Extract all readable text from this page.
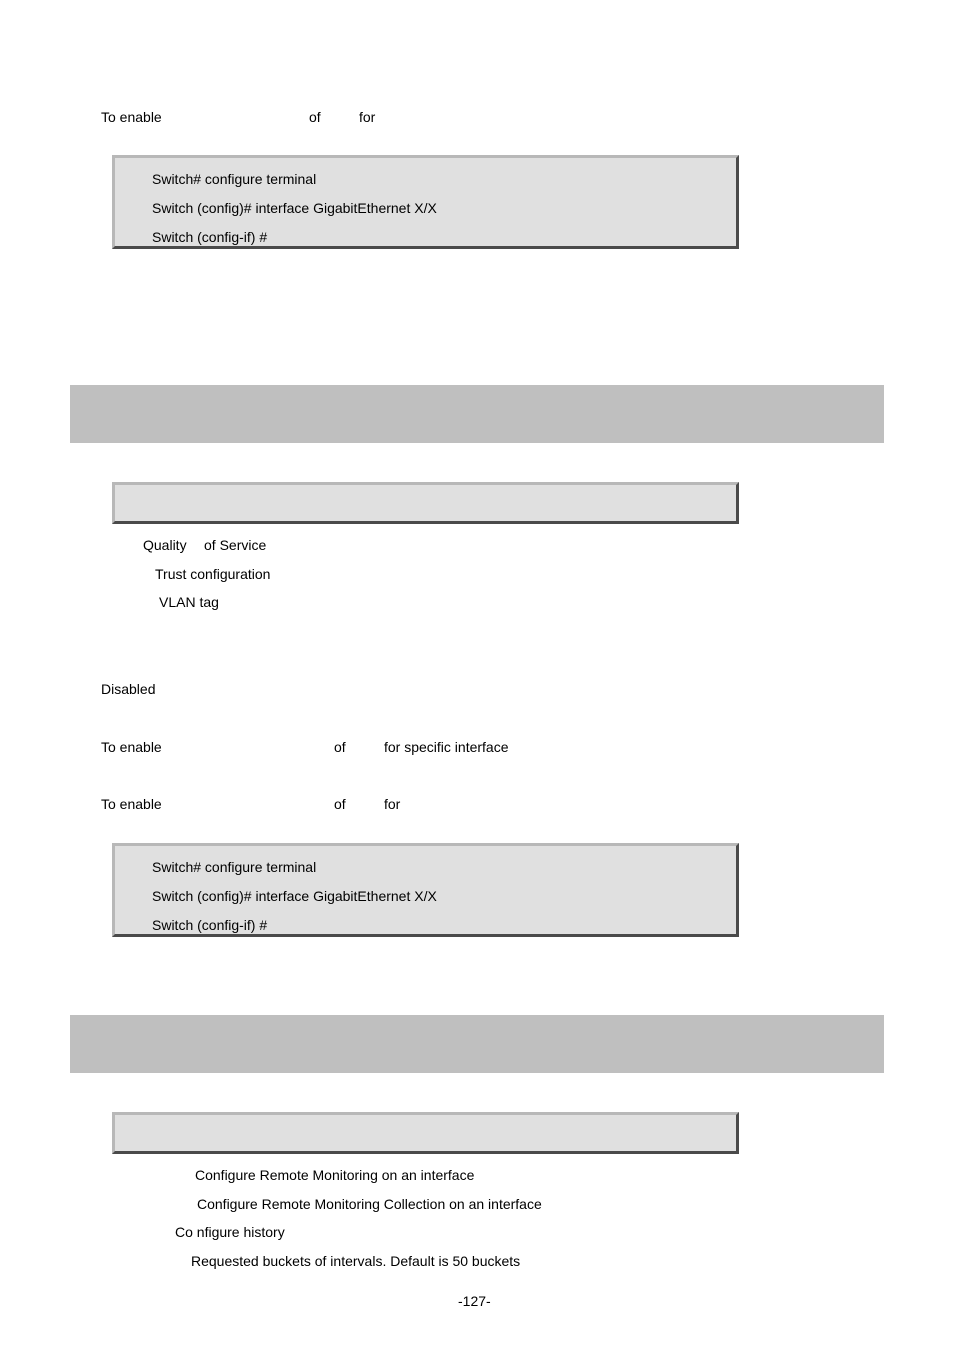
To enable	of	for
Switch# configure terminal
Switch (config)# interface GigabitEthernet X/X
Switch (config-if) #
Quality of Service
Trust configuration
VLAN tag
Disabled
To enable	of	for specific interface
To enable	of	for
Switch# configure terminal
Switch (config)# interface GigabitEthernet X/X
Switch (config-if) #
Configure Remote Monitoring on an interface
Configure Remote Monitoring Collection on an interface
Co nfigure history
Requested buckets of intervals. Default is 50 buckets
-127-
